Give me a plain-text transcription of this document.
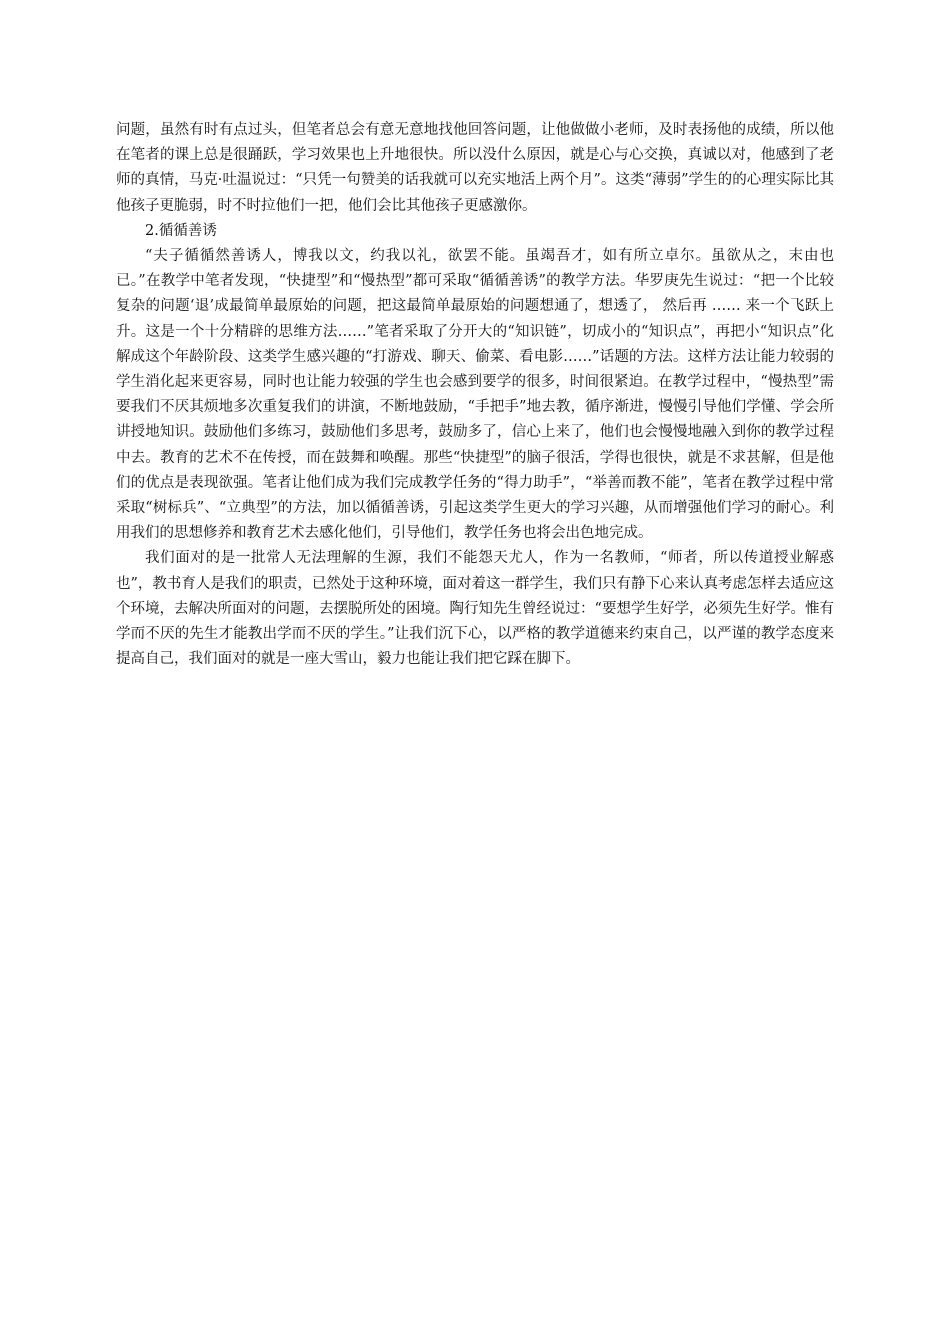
问题，虽然有时有点过头，但笔者总会有意无意地找他回答问题，让他做做小老师，及时表扬他的成绩，所以他在笔者的课上总是很踊跃，学习效果也上升地很快。所以没什么原因，就是心与心交换，真诚以对，他感到了老师的真情，马克·吐温说过：“只凭一句赞美的话我就可以充实地活上两个月”。这类“薄弱”学生的的心理实际比其他孩子更脆弱，时不时拉他们一把，他们会比其他孩子更感激你。

2.循循善诱

“夫子循循然善诱人，博我以文，约我以礼，欲罢不能。虽竭吾才，如有所立卓尔。虽欲从之，末由也已。”在教学中笔者发现，“快捷型”和“慢热型”都可采取“循循善诱”的教学方法。华罗庚先生说过：“把一个比较复杂的问题‘退’成最简单最原始的问题，把这最简单最原始的问题想通了，想透了， 然后再 …… 来一个飞跃上升。这是一个十分精辟的思维方法……”笔者采取了分开大的“知识链”，切成小的“知识点”，再把小“知识点”化解成这个年龄阶段、这类学生感兴趣的“打游戏、聊天、偷菜、看电影……”话题的方法。这样方法让能力较弱的学生消化起来更容易，同时也让能力较强的学生也会感到要学的很多，时间很紧迫。在教学过程中，“慢热型”需要我们不厌其烦地多次重复我们的讲演，不断地鼓励，“手把手”地去教，循序渐进，慢慢引导他们学懂、学会所讲授地知识。鼓励他们多练习，鼓励他们多思考，鼓励多了，信心上来了，他们也会慢慢地融入到你的教学过程中去。教育的艺术不在传授，而在鼓舞和唤醒。那些“快捷型”的脑子很活，学得也很快，就是不求甚解，但是他们的优点是表现欲强。笔者让他们成为我们完成教学任务的“得力助手”，“举善而教不能”，笔者在教学过程中常采取“树标兵”、“立典型”的方法，加以循循善诱，引起这类学生更大的学习兴趣，从而增强他们学习的耐心。利用我们的思想修养和教育艺术去感化他们，引导他们，教学任务也将会出色地完成。

我们面对的是一批常人无法理解的生源，我们不能怨天尤人，作为一名教师，“师者，所以传道授业解惑也”，教书育人是我们的职责，已然处于这种环境，面对着这一群学生，我们只有静下心来认真考虑怎样去适应这个环境，去解决所面对的问题，去摆脱所处的困境。陶行知先生曾经说过：“要想学生好学，必须先生好学。惟有学而不厌的先生才能教出学而不厌的学生。”让我们沉下心，以严格的教学道德来约束自己，以严谨的教学态度来提高自己，我们面对的就是一座大雪山，毅力也能让我们把它踩在脚下。
